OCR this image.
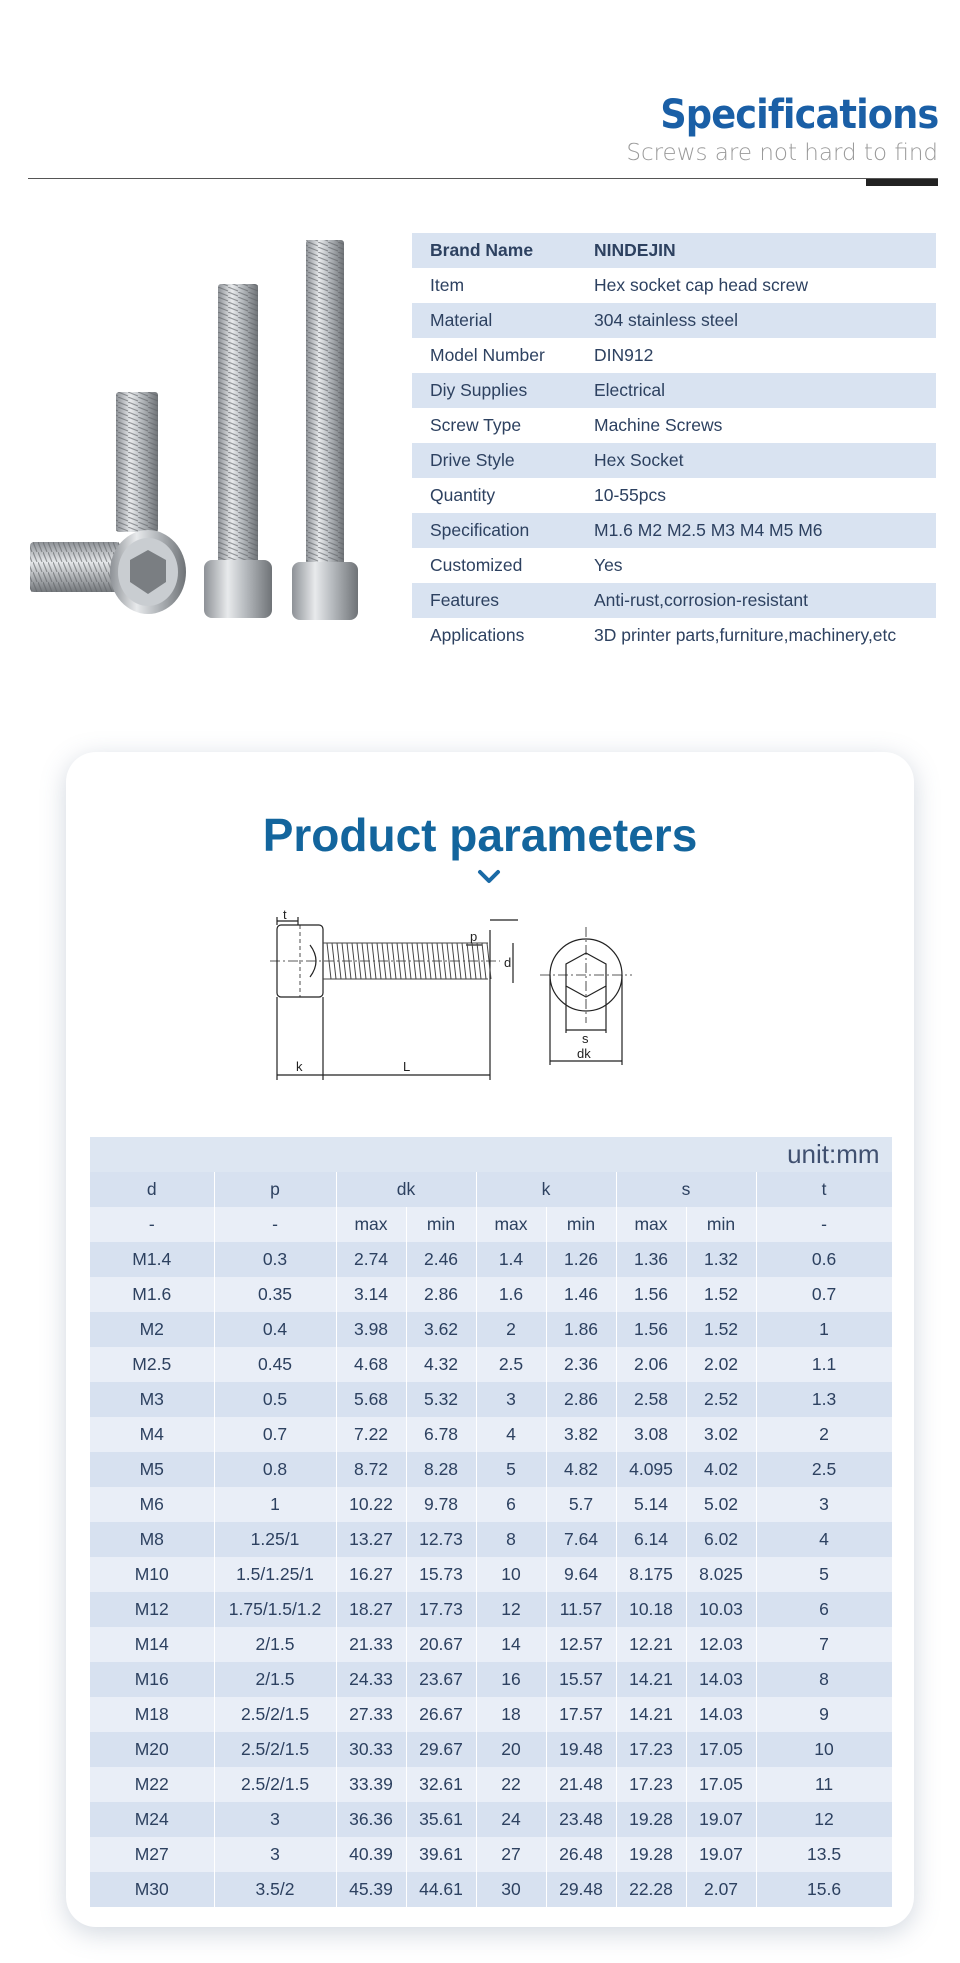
Specifications
Screws are not hard to find
Brand Name	NINDEJIN
Item	Hex socket cap head screw
Material	304 stainless steel
Model Number	DIN912
Diy Supplies	Electrical
Screw Type	Machine Screws
Drive Style	Hex Socket
Quantity	10-55pcs
Specification	M1.6 M2 M2.5 M3 M4 M5 M6
Customized	Yes
Features	Anti-rust,corrosion-resistant
Applications	3D printer parts,furniture,machinery,etc
Product parameters
t
p
d
k	L
s
dk
unit:mm								
d	p	dk		k		s		t
-	-	max	min	max	min	max	min	-
M1.4	0.3	2.74	2.46	1.4	1.26	1.36	1.32	0.6
M1.6	0.35	3.14	2.86	1.6	1.46	1.56	1.52	0.7
M2	0.4	3.98	3.62	2	1.86	1.56	1.52	1
M2.5	0.45	4.68	4.32	2.5	2.36	2.06	2.02	1.1
M3	0.5	5.68	5.32	3	2.86	2.58	2.52	1.3
M4	0.7	7.22	6.78	4	3.82	3.08	3.02	2
M5	0.8	8.72	8.28	5	4.82	4.095	4.02	2.5
M6	1	10.22	9.78	6	5.7	5.14	5.02	3
M8	1.25/1	13.27	12.73	8	7.64	6.14	6.02	4
M10	1.5/1.25/1	16.27	15.73	10	9.64	8.175	8.025	5
M12	1.75/1.5/1.2	18.27	17.73	12	11.57	10.18	10.03	6
M14	2/1.5	21.33	20.67	14	12.57	12.21	12.03	7
M16	2/1.5	24.33	23.67	16	15.57	14.21	14.03	8
M18	2.5/2/1.5	27.33	26.67	18	17.57	14.21	14.03	9
M20	2.5/2/1.5	30.33	29.67	20	19.48	17.23	17.05	10
M22	2.5/2/1.5	33.39	32.61	22	21.48	17.23	17.05	11
M24	3	36.36	35.61	24	23.48	19.28	19.07	12
M27	3	40.39	39.61	27	26.48	19.28	19.07	13.5
M30	3.5/2	45.39	44.61	30	29.48	22.28	2.07	15.6
